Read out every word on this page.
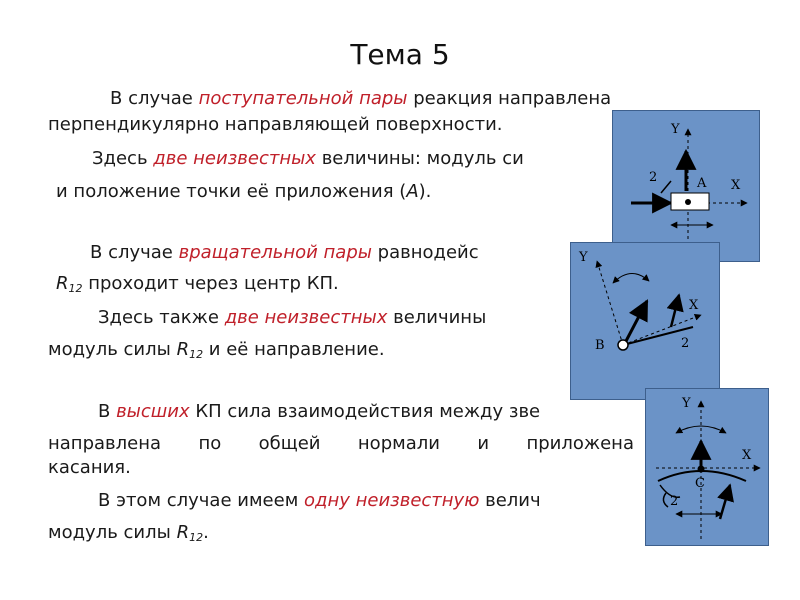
Тема 5
В случае поступательной пары реакция направлена
перпендикулярно направляющей поверхности.
Здесь две неизвестных величины: модуль си
и положение точки её приложения (А).
В случае вращательной пары равнодейс
$R_{12}$ проходит через центр КП.
Здесь также две неизвестных величины
модуль силы $R_{12}$ и её направление.
В высших КП сила взаимодействия между зве
направлена по общей нормали и приложена
касания.
В этом случае имеем одну неизвестную велич
модуль силы $R_{12}$.
Y
X
2	A
Y
X
B	2
Y
X
C
2
